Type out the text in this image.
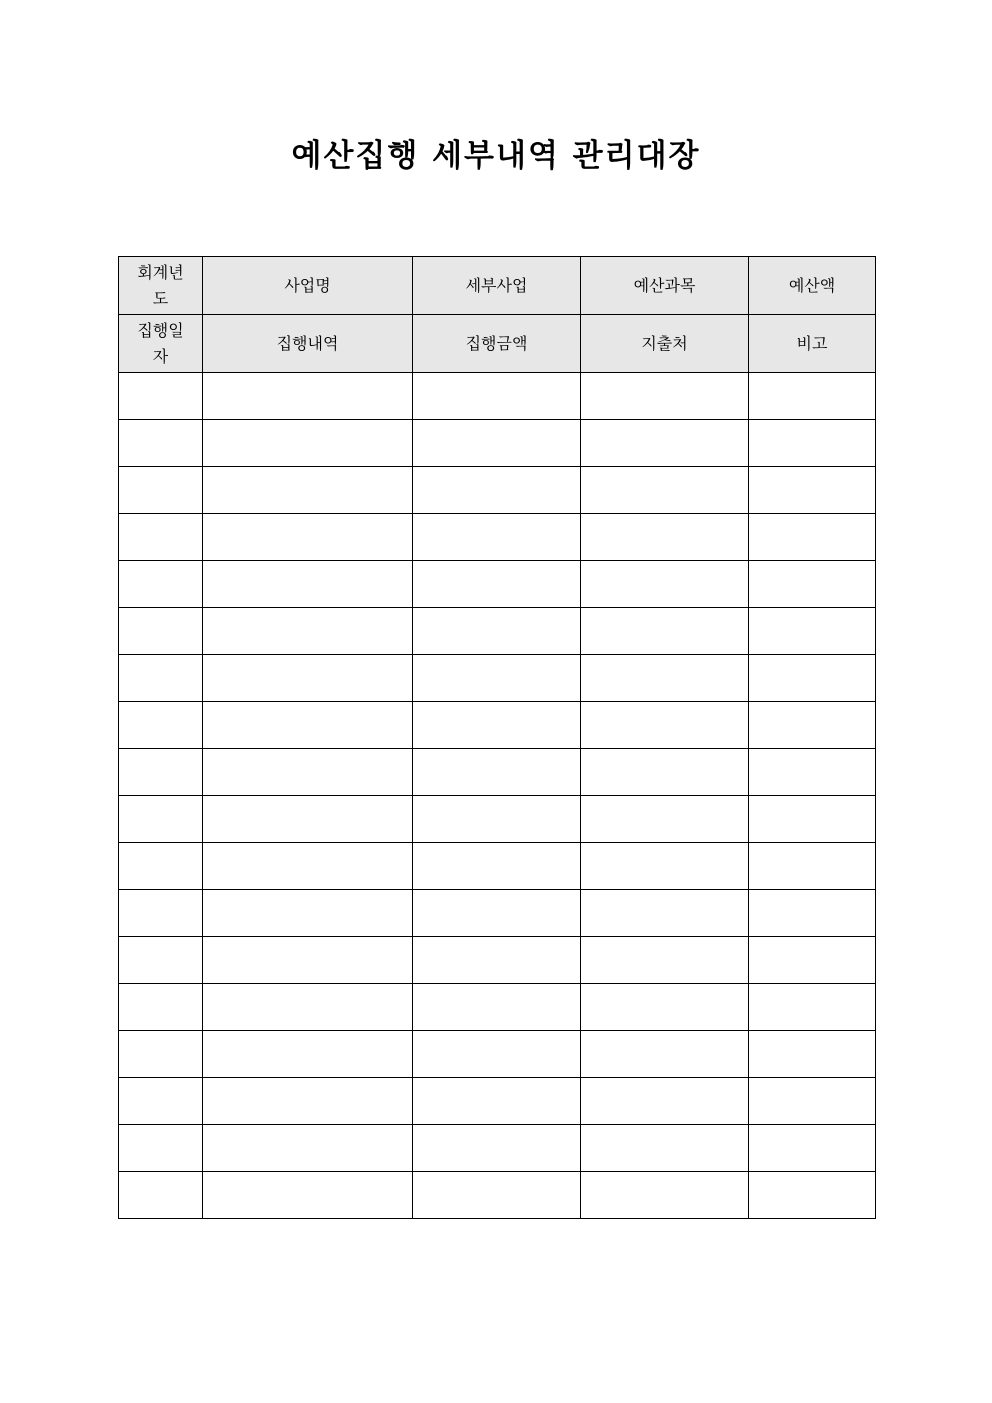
예산집행 세부내역 관리대장
회계년도	사업명	세부사업	예산과목	예산액
집행일자	집행내역	집행금액	지출처	비고
